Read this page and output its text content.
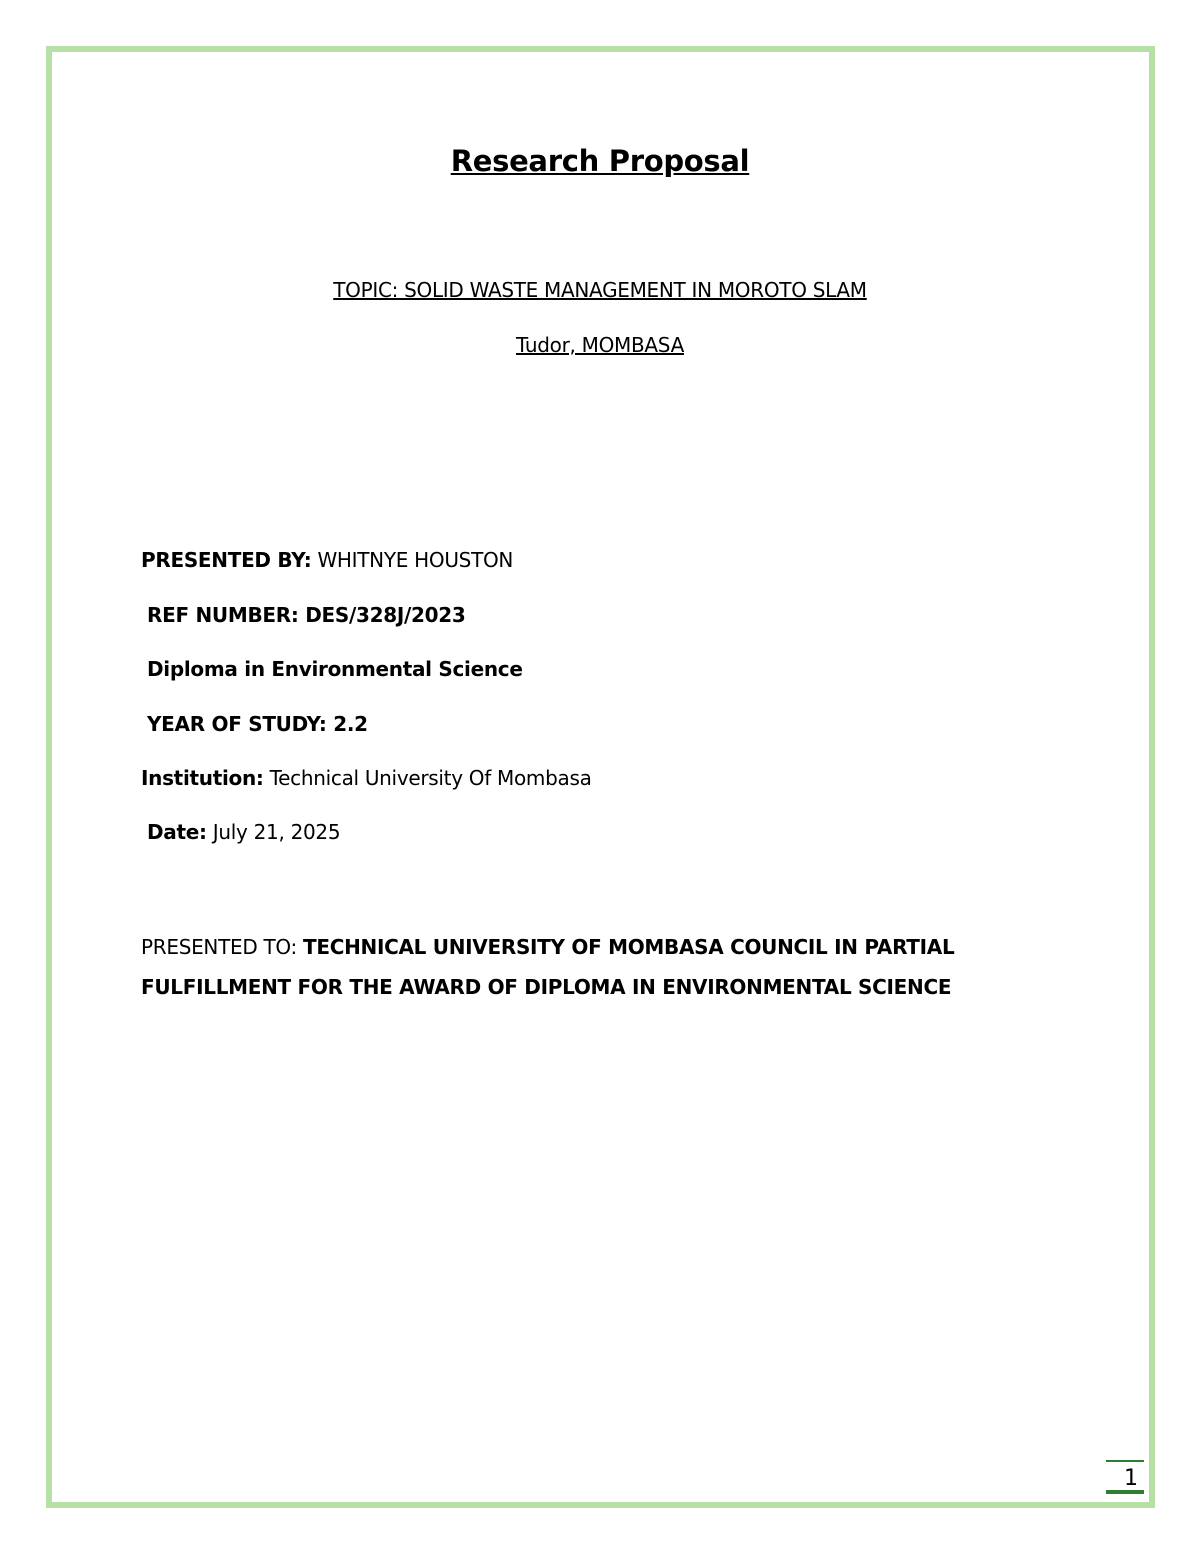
Research Proposal
TOPIC: SOLID WASTE MANAGEMENT IN MOROTO SLAM
Tudor, MOMBASA
PRESENTED BY: WHITNYE HOUSTON
REF NUMBER: DES/328J/2023
Diploma in Environmental Science
YEAR OF STUDY: 2.2
Institution: Technical University Of Mombasa
Date: July 21, 2025
PRESENTED TO: TECHNICAL UNIVERSITY OF MOMBASA COUNCIL IN PARTIAL FULFILLMENT FOR THE AWARD OF DIPLOMA IN ENVIRONMENTAL SCIENCE
1
